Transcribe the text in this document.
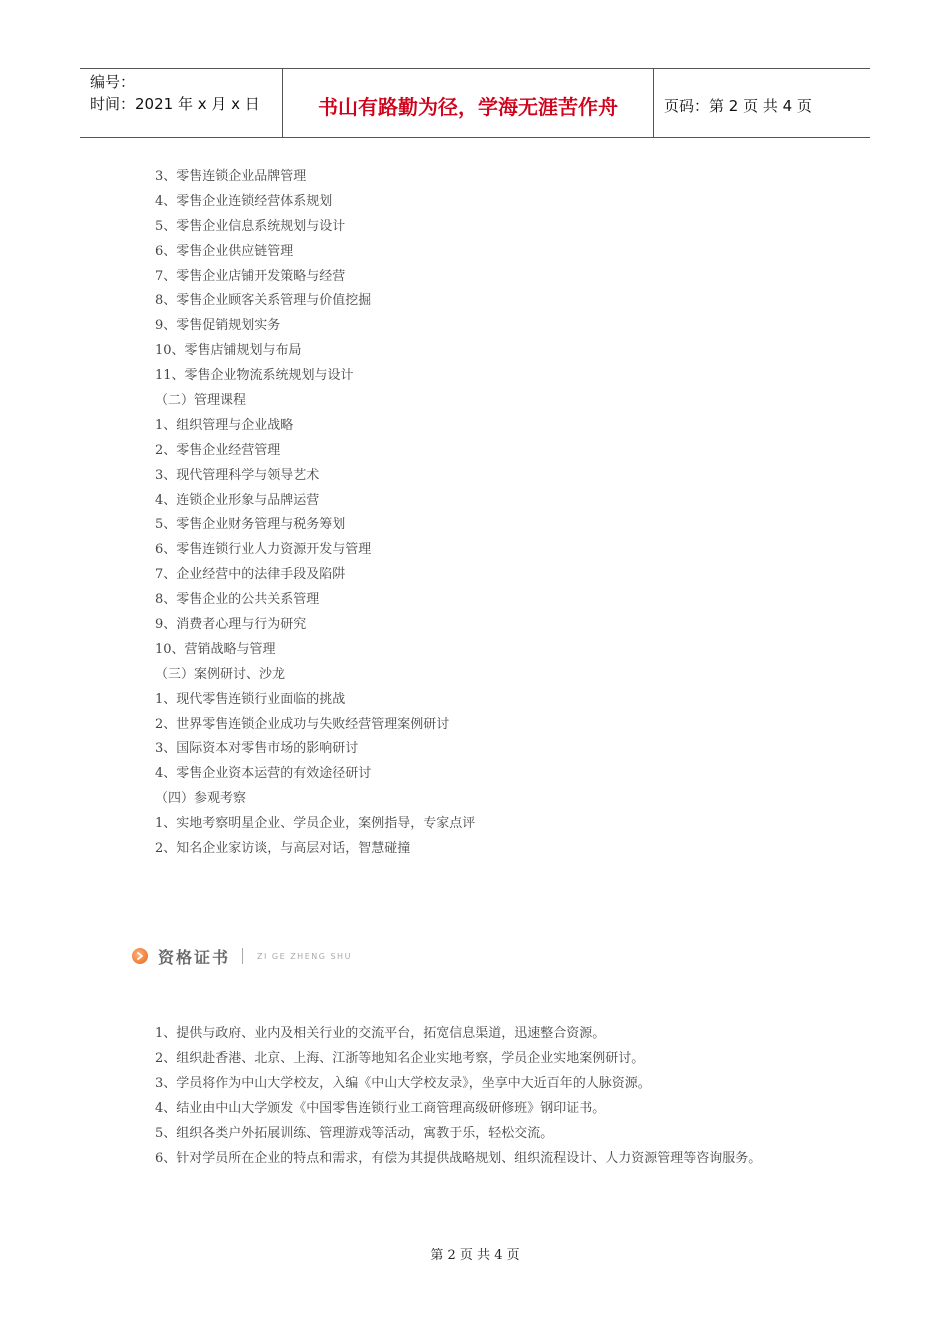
编号：
时间：2021 年 x 月 x 日	书山有路勤为径，学海无涯苦作舟	页码：第 2 页 共 4 页
3、零售连锁企业品牌管理
4、零售企业连锁经营体系规划
5、零售企业信息系统规划与设计
6、零售企业供应链管理
7、零售企业店铺开发策略与经营
8、零售企业顾客关系管理与价值挖掘
9、零售促销规划实务
10、零售店铺规划与布局
11、零售企业物流系统规划与设计
（二）管理课程
1、组织管理与企业战略
2、零售企业经营管理
3、现代管理科学与领导艺术
4、连锁企业形象与品牌运营
5、零售企业财务管理与税务筹划
6、零售连锁行业人力资源开发与管理
7、企业经营中的法律手段及陷阱
8、零售企业的公共关系管理
9、消费者心理与行为研究
10、营销战略与管理
（三）案例研讨、沙龙
1、现代零售连锁行业面临的挑战
2、世界零售连锁企业成功与失败经营管理案例研讨
3、国际资本对零售市场的影响研讨
4、零售企业资本运营的有效途径研讨
（四）参观考察
1、实地考察明星企业、学员企业，案例指导，专家点评
2、知名企业家访谈，与高层对话，智慧碰撞
资格证书	ZI GE ZHENG SHU
1、提供与政府、业内及相关行业的交流平台，拓宽信息渠道，迅速整合资源。
2、组织赴香港、北京、上海、江浙等地知名企业实地考察，学员企业实地案例研讨。
3、学员将作为中山大学校友，入编《中山大学校友录》，坐享中大近百年的人脉资源。
4、结业由中山大学颁发《中国零售连锁行业工商管理高级研修班》钢印证书。
5、组织各类户外拓展训练、管理游戏等活动，寓教于乐，轻松交流。
6、针对学员所在企业的特点和需求，有偿为其提供战略规划、组织流程设计、人力资源管理等咨询服务。
第 2 页 共 4 页
